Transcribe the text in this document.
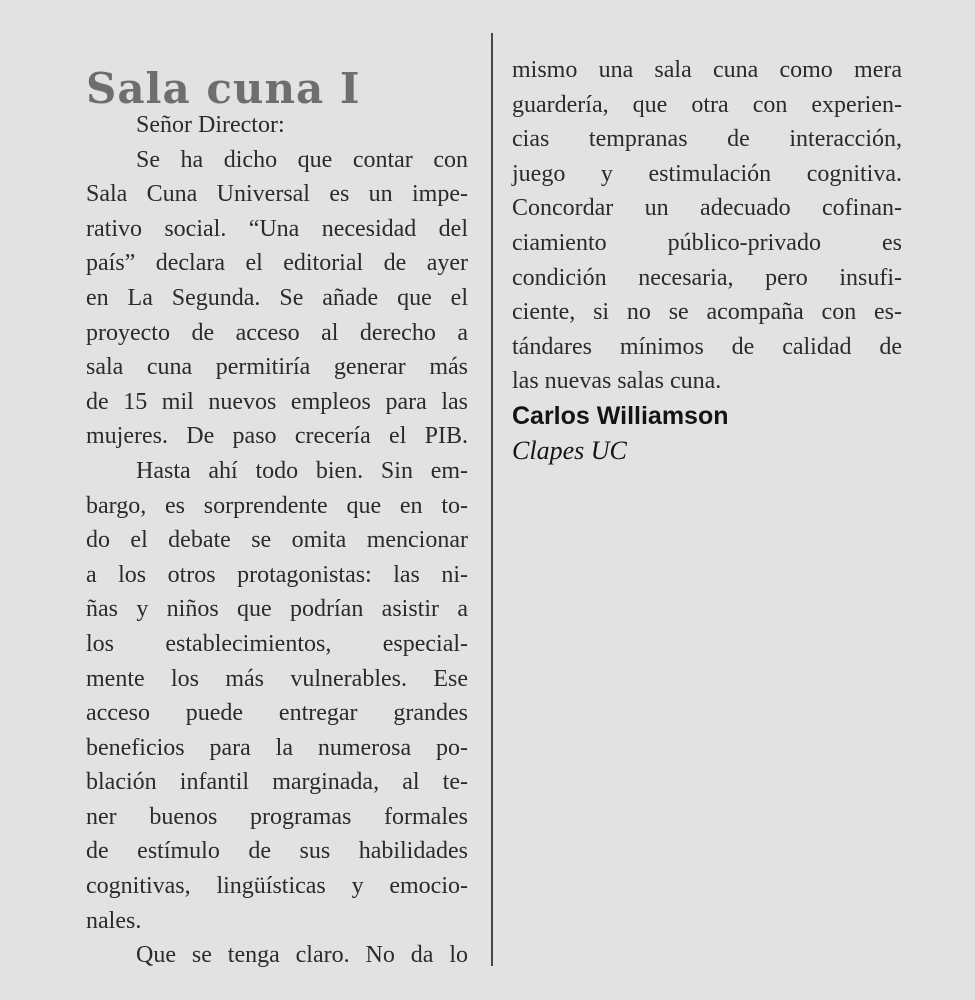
Sala cuna I
Señor Director:
Se ha dicho que contar con
Sala Cuna Universal es un impe-
rativo social. “Una necesidad del
país” declara el editorial de ayer
en La Segunda. Se añade que el
proyecto de acceso al derecho a
sala cuna permitiría generar más
de 15 mil nuevos empleos para las
mujeres. De paso crecería el PIB.
Hasta ahí todo bien. Sin em-
bargo, es sorprendente que en to-
do el debate se omita mencionar
a los otros protagonistas: las ni-
ñas y niños que podrían asistir a
los establecimientos, especial-
mente los más vulnerables. Ese
acceso puede entregar grandes
beneficios para la numerosa po-
blación infantil marginada, al te-
ner buenos programas formales
de estímulo de sus habilidades
cognitivas, lingüísticas y emocio-
nales.
Que se tenga claro. No da lo
mismo una sala cuna como mera
guardería, que otra con experien-
cias tempranas de interacción,
juego y estimulación cognitiva.
Concordar un adecuado cofinan-
ciamiento público-privado es
condición necesaria, pero insufi-
ciente, si no se acompaña con es-
tándares mínimos de calidad de
las nuevas salas cuna.
Carlos Williamson
Clapes UC
